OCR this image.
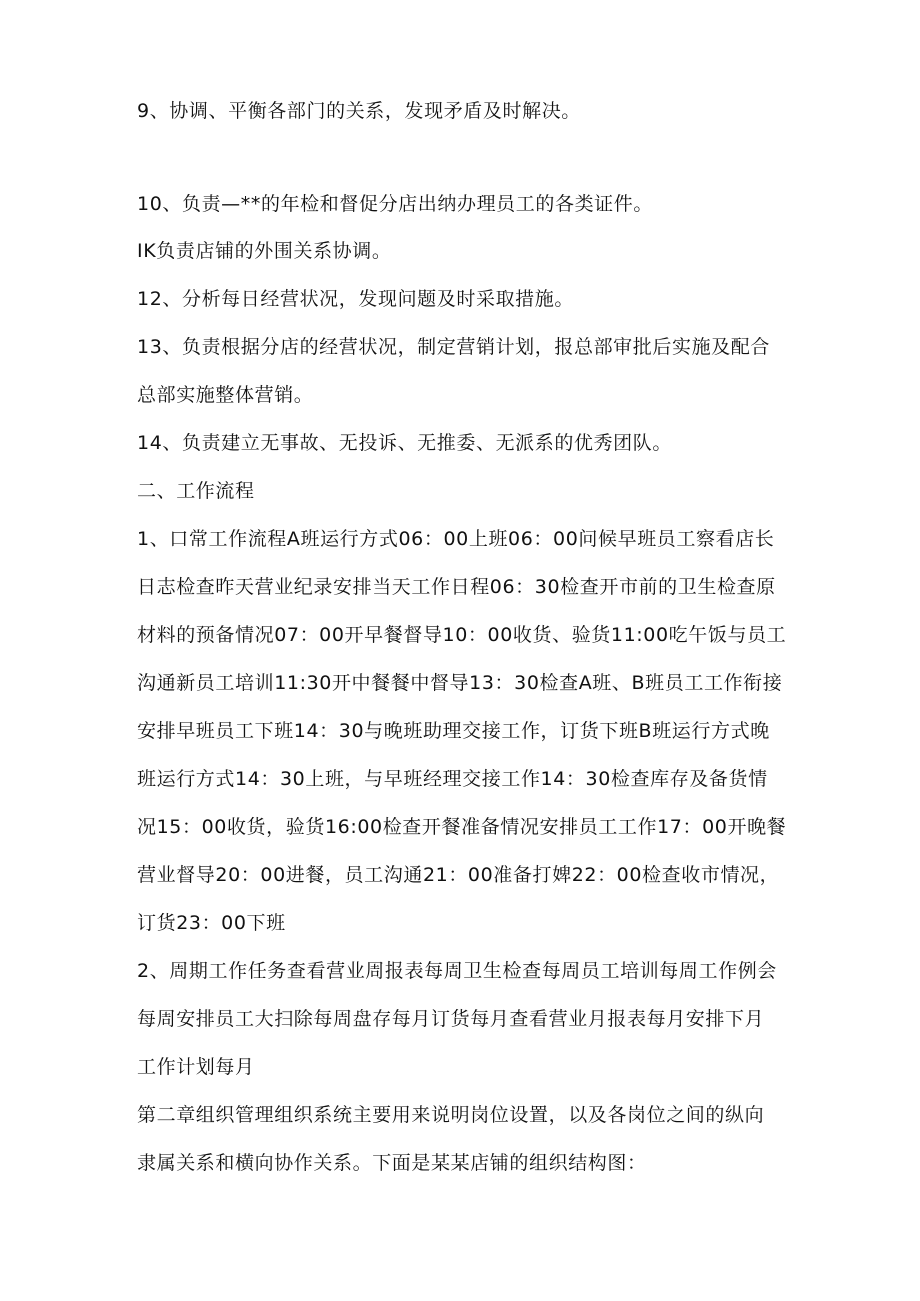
9、协调、平衡各部门的关系，发现矛盾及时解决。
10、负责—**的年检和督促分店出纳办理员工的各类证件。
IK负责店铺的外围关系协调。
12、分析每日经营状况，发现问题及时采取措施。
13、负责根据分店的经营状况，制定营销计划，报总部审批后实施及配合
总部实施整体营销。
14、负责建立无事故、无投诉、无推委、无派系的优秀团队。
二、工作流程
1、口常工作流程A班运行方式06：00上班06：00问候早班员工察看店长
日志检查昨天营业纪录安排当天工作日程06：30检查开市前的卫生检查原
材料的预备情况07：00开早餐督导10：00收货、验货11:00吃午饭与员工
沟通新员工培训11:30开中餐餐中督导13：30检查A班、B班员工工作衔接
安排早班员工下班14：30与晚班助理交接工作，订货下班B班运行方式晚
班运行方式14：30上班，与早班经理交接工作14：30检查库存及备货情
况15：00收货，验货16:00检查开餐准备情况安排员工工作17：00开晚餐
营业督导20：00进餐，员工沟通21：00准备打婢22：00检查收市情况，
订货23：00下班
2、周期工作任务查看营业周报表每周卫生检查每周员工培训每周工作例会
每周安排员工大扫除每周盘存每月订货每月查看营业月报表每月安排下月
工作计划每月
第二章组织管理组织系统主要用来说明岗位设置，以及各岗位之间的纵向
隶属关系和横向协作关系。下面是某某店铺的组织结构图：
